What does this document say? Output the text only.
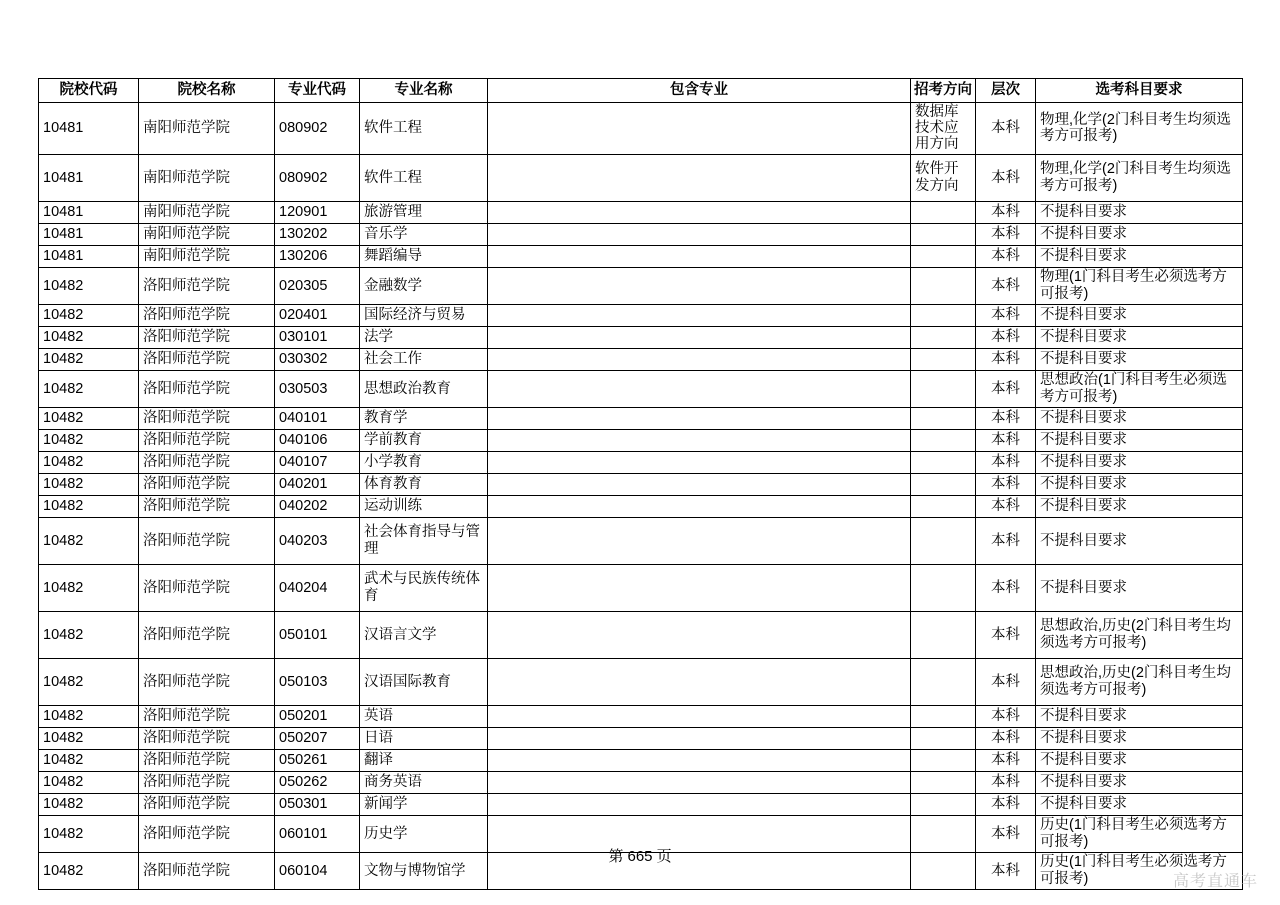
院校代码	院校名称	专业代码	专业名称	包含专业	招考方向	层次	选考科目要求
10481	南阳师范学院	080902	软件工程		数据库技术应用方向	本科	物理,化学(2门科目考生均须选考方可报考)
10481	南阳师范学院	080902	软件工程		软件开发方向	本科	物理,化学(2门科目考生均须选考方可报考)
10481	南阳师范学院	120901	旅游管理			本科	不提科目要求
10481	南阳师范学院	130202	音乐学			本科	不提科目要求
10481	南阳师范学院	130206	舞蹈编导			本科	不提科目要求
10482	洛阳师范学院	020305	金融数学			本科	物理(1门科目考生必须选考方可报考)
10482	洛阳师范学院	020401	国际经济与贸易			本科	不提科目要求
10482	洛阳师范学院	030101	法学			本科	不提科目要求
10482	洛阳师范学院	030302	社会工作			本科	不提科目要求
10482	洛阳师范学院	030503	思想政治教育			本科	思想政治(1门科目考生必须选考方可报考)
10482	洛阳师范学院	040101	教育学			本科	不提科目要求
10482	洛阳师范学院	040106	学前教育			本科	不提科目要求
10482	洛阳师范学院	040107	小学教育			本科	不提科目要求
10482	洛阳师范学院	040201	体育教育			本科	不提科目要求
10482	洛阳师范学院	040202	运动训练			本科	不提科目要求
10482	洛阳师范学院	040203	社会体育指导与管理			本科	不提科目要求
10482	洛阳师范学院	040204	武术与民族传统体育			本科	不提科目要求
10482	洛阳师范学院	050101	汉语言文学			本科	思想政治,历史(2门科目考生均须选考方可报考)
10482	洛阳师范学院	050103	汉语国际教育			本科	思想政治,历史(2门科目考生均须选考方可报考)
10482	洛阳师范学院	050201	英语			本科	不提科目要求
10482	洛阳师范学院	050207	日语			本科	不提科目要求
10482	洛阳师范学院	050261	翻译			本科	不提科目要求
10482	洛阳师范学院	050262	商务英语			本科	不提科目要求
10482	洛阳师范学院	050301	新闻学			本科	不提科目要求
10482	洛阳师范学院	060101	历史学			本科	历史(1门科目考生必须选考方可报考)
10482	洛阳师范学院	060104	文物与博物馆学			本科	历史(1门科目考生必须选考方可报考)
第 665 页
高考直通车
